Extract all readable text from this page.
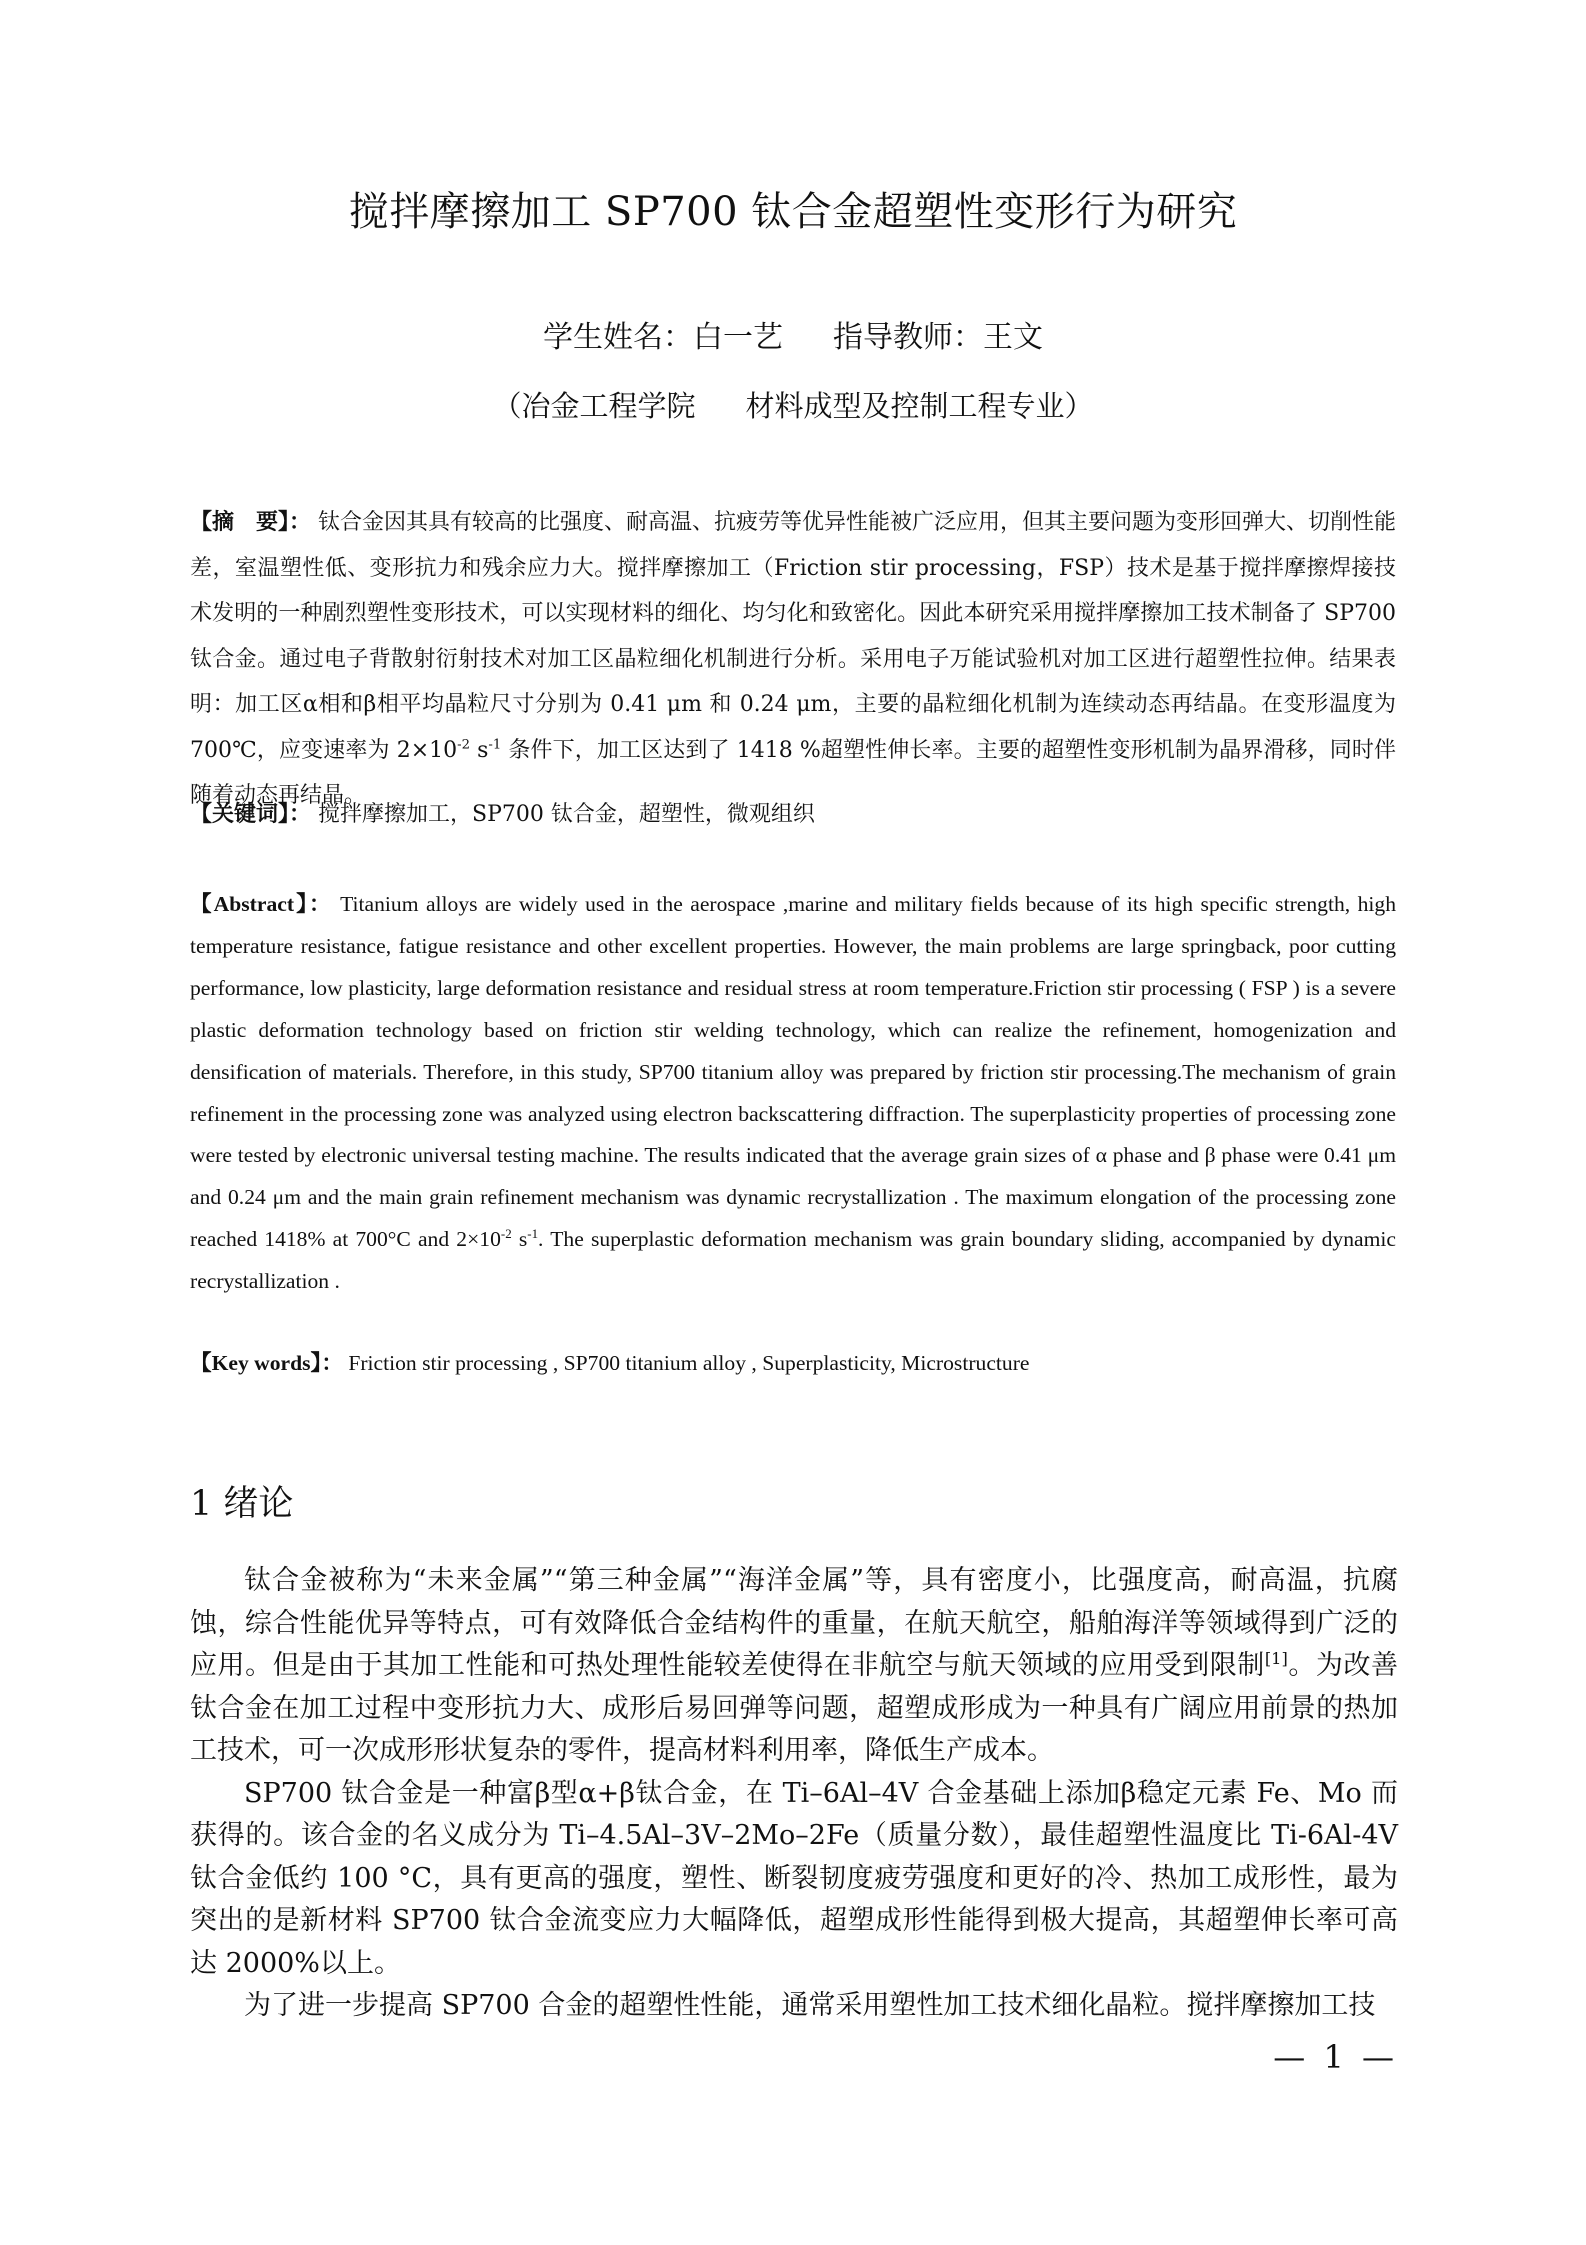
搅拌摩擦加工 SP700 钛合金超塑性变形行为研究
学生姓名：白一艺 指导教师：王文
（冶金工程学院 材料成型及控制工程专业）
【摘　要】： 钛合金因其具有较高的比强度、耐高温、抗疲劳等优异性能被广泛应用，但其主要问题为变形回弹大、切削性能差，室温塑性低、变形抗力和残余应力大。搅拌摩擦加工（Friction stir processing，FSP）技术是基于搅拌摩擦焊接技术发明的一种剧烈塑性变形技术，可以实现材料的细化、均匀化和致密化。因此本研究采用搅拌摩擦加工技术制备了 SP700 钛合金。通过电子背散射衍射技术对加工区晶粒细化机制进行分析。采用电子万能试验机对加工区进行超塑性拉伸。结果表明：加工区α相和β相平均晶粒尺寸分别为 0.41 μm 和 0.24 μm，主要的晶粒细化机制为连续动态再结晶。在变形温度为 700℃，应变速率为 $2\times 10^{-2}$ $s^{-1}$ 条件下，加工区达到了 1418 %超塑性伸长率。主要的超塑性变形机制为晶界滑移，同时伴随着动态再结晶。
【关键词】： 搅拌摩擦加工，SP700 钛合金，超塑性，微观组织
【Abstract】： Titanium alloys are widely used in the aerospace ,marine and military fields because of its high specific strength, high temperature resistance, fatigue resistance and other excellent properties. However, the main problems are large springback, poor cutting performance, low plasticity, large deformation resistance and residual stress at room temperature.Friction stir processing ( FSP ) is a severe plastic deformation technology based on friction stir welding technology, which can realize the refinement, homogenization and densification of materials. Therefore, in this study, SP700 titanium alloy was prepared by friction stir processing.The mechanism of grain refinement in the processing zone was analyzed using electron backscattering diffraction. The superplasticity properties of processing zone were tested by electronic universal testing machine. The results indicated that the average grain sizes of α phase and β phase were 0.41 μm and 0.24 μm and the main grain refinement mechanism was dynamic recrystallization . The maximum elongation of the processing zone reached 1418% at 700°C and $2\times 10^{-2}$ $s^{-1}$. The superplastic deformation mechanism was grain boundary sliding, accompanied by dynamic recrystallization .
【Key words】： Friction stir processing , SP700 titanium alloy , Superplasticity, Microstructure
1 绪论

钛合金被称为“未来金属”“第三种金属”“海洋金属”等，具有密度小，比强度高，耐高温，抗腐蚀，综合性能优异等特点，可有效降低合金结构件的重量，在航天航空，船舶海洋等领域得到广泛的应用。但是由于其加工性能和可热处理性能较差使得在非航空与航天领域的应用受到限制[1]。为改善钛合金在加工过程中变形抗力大、成形后易回弹等问题，超塑成形成为一种具有广阔应用前景的热加工技术，可一次成形形状复杂的零件，提高材料利用率，降低生产成本。

SP700 钛合金是一种富β型α+β钛合金，在 Ti–6Al–4V 合金基础上添加β稳定元素 Fe、Mo 而获得的。该合金的名义成分为 Ti–4.5Al–3V–2Mo–2Fe（质量分数），最佳超塑性温度比 Ti-6Al-4V 钛合金低约 100 °C，具有更高的强度，塑性、断裂韧度疲劳强度和更好的冷、热加工成形性，最为突出的是新材料 SP700 钛合金流变应力大幅降低，超塑成形性能得到极大提高，其超塑伸长率可高达 2000%以上。

为了进一步提高 SP700 合金的超塑性性能，通常采用塑性加工技术细化晶粒。搅拌摩擦加工技

— 1 —
